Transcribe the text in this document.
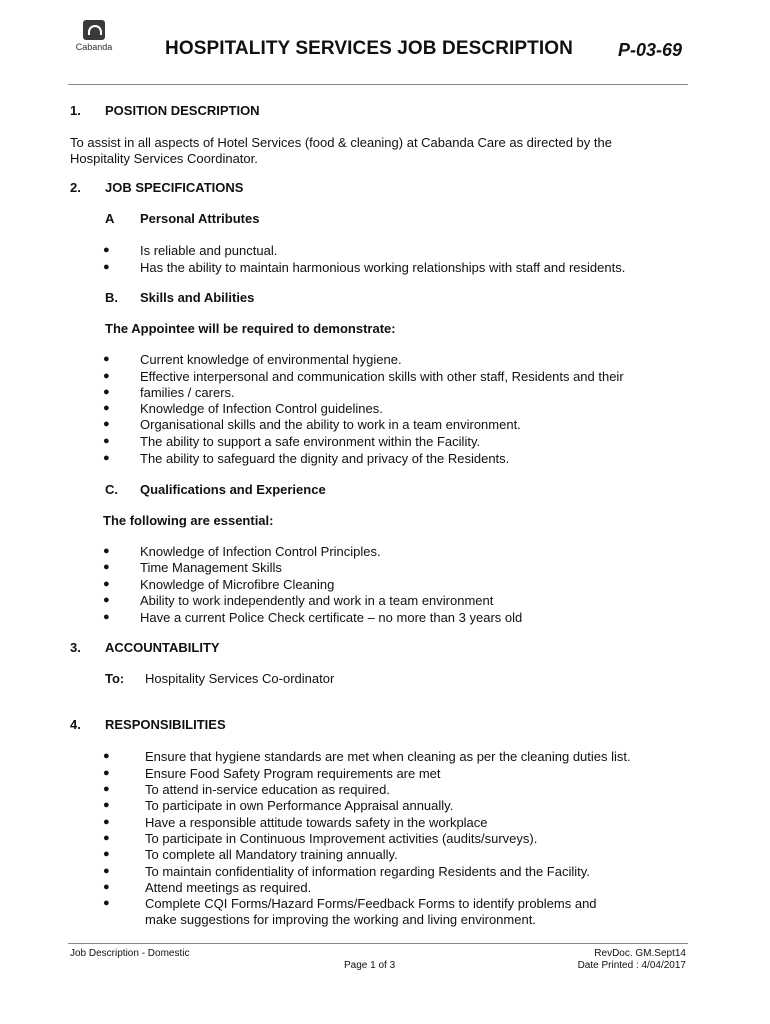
Cabanda	HOSPITALITY SERVICES JOB DESCRIPTION	P-03-69
1. POSITION DESCRIPTION
To assist in all aspects of Hotel Services (food & cleaning) at Cabanda Care as directed by the
Hospitality Services Coordinator.
2. JOB SPECIFICATIONS
A Personal Attributes
● Is reliable and punctual.
● Has the ability to maintain harmonious working relationships with staff and residents.
B. Skills and Abilities
The Appointee will be required to demonstrate:
● Current knowledge of environmental hygiene.
● Effective interpersonal and communication skills with other staff, Residents and their
● families / carers.
● Knowledge of Infection Control guidelines.
● Organisational skills and the ability to work in a team environment.
● The ability to support a safe environment within the Facility.
● The ability to safeguard the dignity and privacy of the Residents.
C. Qualifications and Experience
The following are essential:
● Knowledge of Infection Control Principles.
● Time Management Skills
● Knowledge of Microfibre Cleaning
● Ability to work independently and work in a team environment
● Have a current Police Check certificate – no more than 3 years old
3. ACCOUNTABILITY
To: Hospitality Services Co-ordinator
4. RESPONSIBILITIES
●	Ensure that hygiene standards are met when cleaning as per the cleaning duties list.
●	Ensure Food Safety Program requirements are met
●	To attend in-service education as required.
●	To participate in own Performance Appraisal annually.
●	Have a responsible attitude towards safety in the workplace
●	To participate in Continuous Improvement activities (audits/surveys).
●	To complete all Mandatory training annually.
●	To maintain confidentiality of information regarding Residents and the Facility.
●	Attend meetings as required.
●	Complete CQI Forms/Hazard Forms/Feedback Forms to identify problems and
make suggestions for improving the working and living environment.
Job Description - Domestic
Page 1 of 3
RevDoc. GM.Sept14
Date Printed : 4/04/2017
